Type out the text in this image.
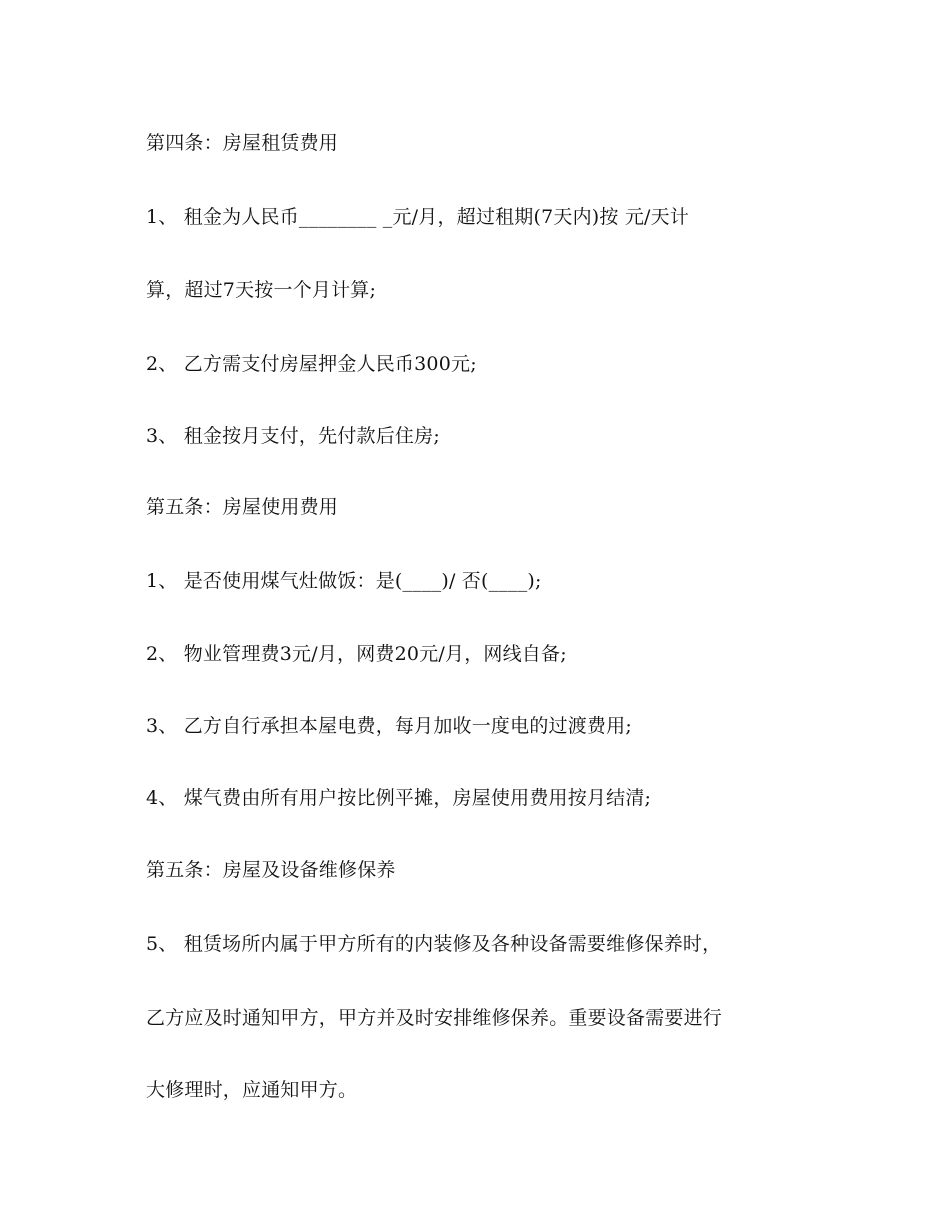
第四条：房屋租赁费用
1、 租金为人民币________ _元/月，超过租期(7天内)按 元/天计
算，超过7天按一个月计算;
2、 乙方需支付房屋押金人民币300元;
3、 租金按月支付，先付款后住房;
第五条：房屋使用费用
1、 是否使用煤气灶做饭：是(____)/ 否(____);
2、 物业管理费3元/月，网费20元/月，网线自备;
3、 乙方自行承担本屋电费，每月加收一度电的过渡费用;
4、 煤气费由所有用户按比例平摊，房屋使用费用按月结清;
第五条：房屋及设备维修保养
5、 租赁场所内属于甲方所有的内装修及各种设备需要维修保养时，
乙方应及时通知甲方，甲方并及时安排维修保养。重要设备需要进行
大修理时，应通知甲方。
